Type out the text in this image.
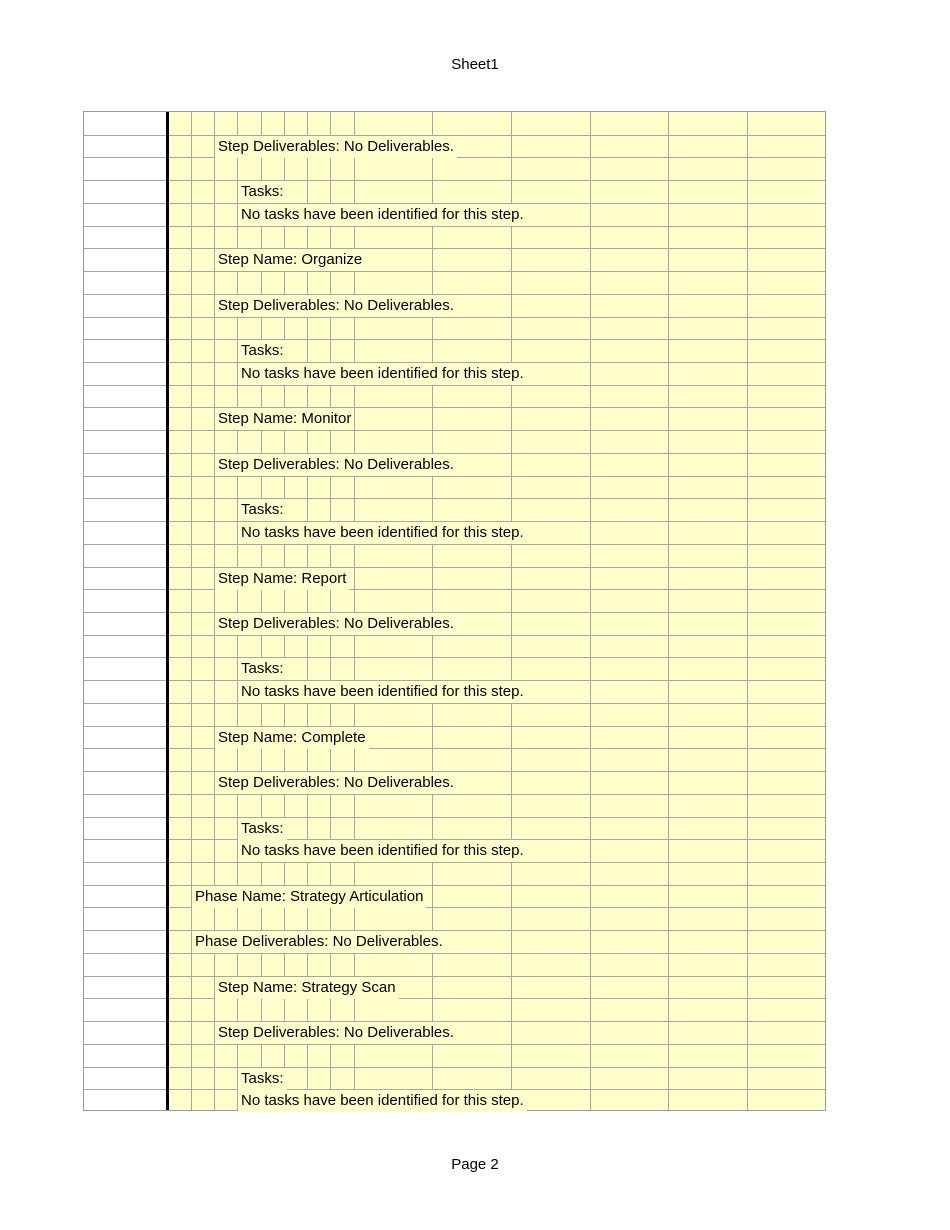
Sheet1
Step Deliverables: No Deliverables.
Tasks:
No tasks have been identified for this step.
Step Name: Organize
Step Deliverables: No Deliverables.
Tasks:
No tasks have been identified for this step.
Step Name: Monitor
Step Deliverables: No Deliverables.
Tasks:
No tasks have been identified for this step.
Step Name: Report
Step Deliverables: No Deliverables.
Tasks:
No tasks have been identified for this step.
Step Name: Complete
Step Deliverables: No Deliverables.
Tasks:
No tasks have been identified for this step.
Phase Name: Strategy Articulation
Phase Deliverables: No Deliverables.
Step Name: Strategy Scan
Step Deliverables: No Deliverables.
Tasks:
No tasks have been identified for this step.
Page 2
